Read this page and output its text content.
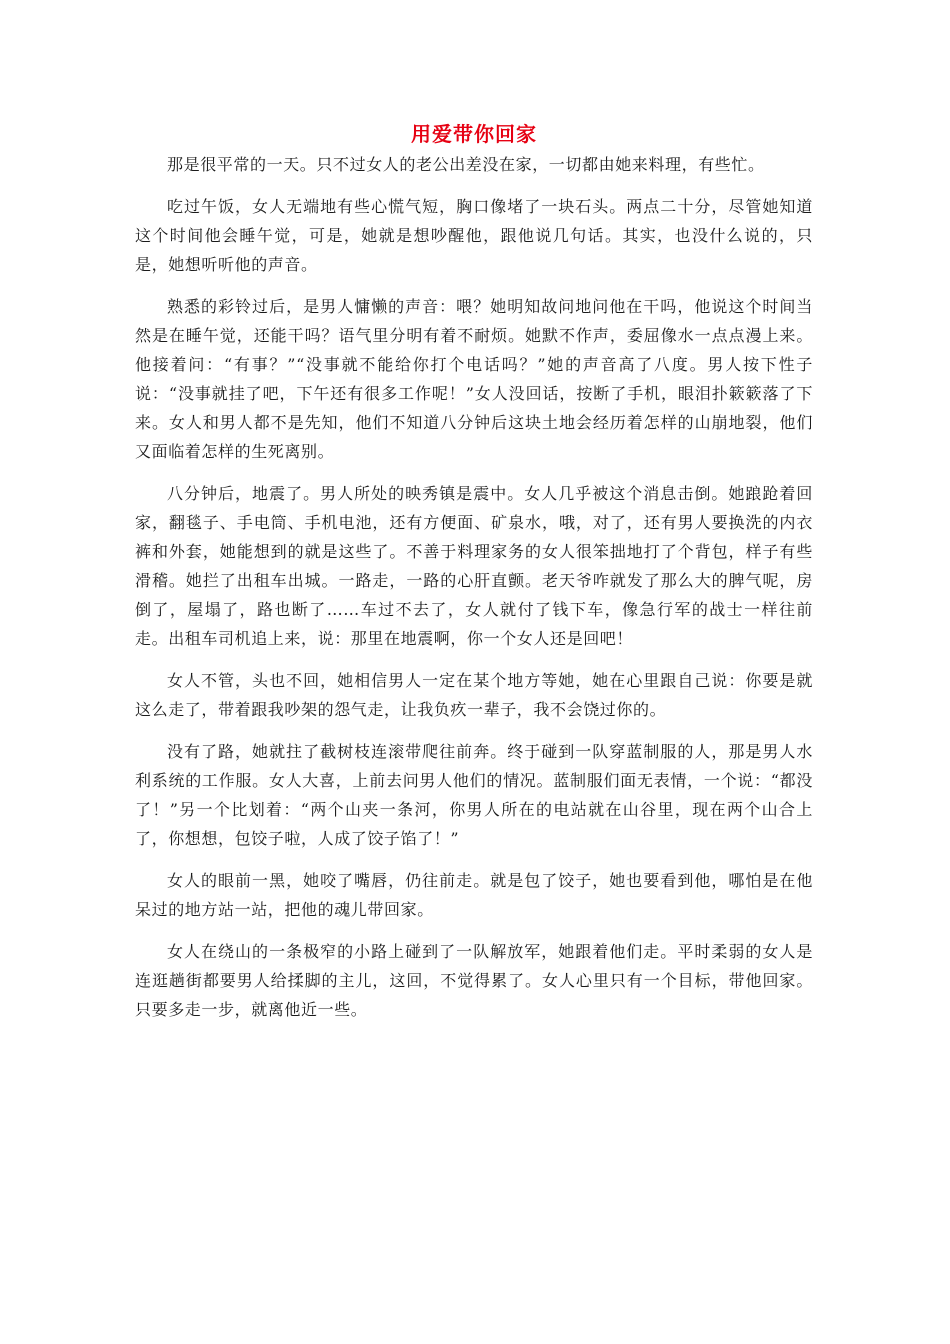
用爱带你回家

那是很平常的一天。只不过女人的老公出差没在家，一切都由她来料理，有些忙。

吃过午饭，女人无端地有些心慌气短，胸口像堵了一块石头。两点二十分，尽管她知道这个时间他会睡午觉，可是，她就是想吵醒他，跟他说几句话。其实，也没什么说的，只是，她想听听他的声音。

熟悉的彩铃过后，是男人慵懒的声音：喂？她明知故问地问他在干吗，他说这个时间当然是在睡午觉，还能干吗？语气里分明有着不耐烦。她默不作声，委屈像水一点点漫上来。他接着问：“有事？”“没事就不能给你打个电话吗？”她的声音高了八度。男人按下性子说：“没事就挂了吧，下午还有很多工作呢！”女人没回话，按断了手机，眼泪扑簌簌落了下来。女人和男人都不是先知，他们不知道八分钟后这块土地会经历着怎样的山崩地裂，他们又面临着怎样的生死离别。

八分钟后，地震了。男人所处的映秀镇是震中。女人几乎被这个消息击倒。她踉跄着回家，翻毯子、手电筒、手机电池，还有方便面、矿泉水，哦，对了，还有男人要换洗的内衣裤和外套，她能想到的就是这些了。不善于料理家务的女人很笨拙地打了个背包，样子有些滑稽。她拦了出租车出城。一路走，一路的心肝直颤。老天爷咋就发了那么大的脾气呢，房倒了，屋塌了，路也断了……车过不去了，女人就付了钱下车，像急行军的战士一样往前走。出租车司机追上来，说：那里在地震啊，你一个女人还是回吧！

女人不管，头也不回，她相信男人一定在某个地方等她，她在心里跟自己说：你要是就这么走了，带着跟我吵架的怨气走，让我负疚一辈子，我不会饶过你的。

没有了路，她就拄了截树枝连滚带爬往前奔。终于碰到一队穿蓝制服的人，那是男人水利系统的工作服。女人大喜，上前去问男人他们的情况。蓝制服们面无表情，一个说：“都没了！”另一个比划着：“两个山夹一条河，你男人所在的电站就在山谷里，现在两个山合上了，你想想，包饺子啦，人成了饺子馅了！”

女人的眼前一黑，她咬了嘴唇，仍往前走。就是包了饺子，她也要看到他，哪怕是在他呆过的地方站一站，把他的魂儿带回家。

女人在绕山的一条极窄的小路上碰到了一队解放军，她跟着他们走。平时柔弱的女人是连逛趟街都要男人给揉脚的主儿，这回，不觉得累了。女人心里只有一个目标，带他回家。只要多走一步，就离他近一些。
